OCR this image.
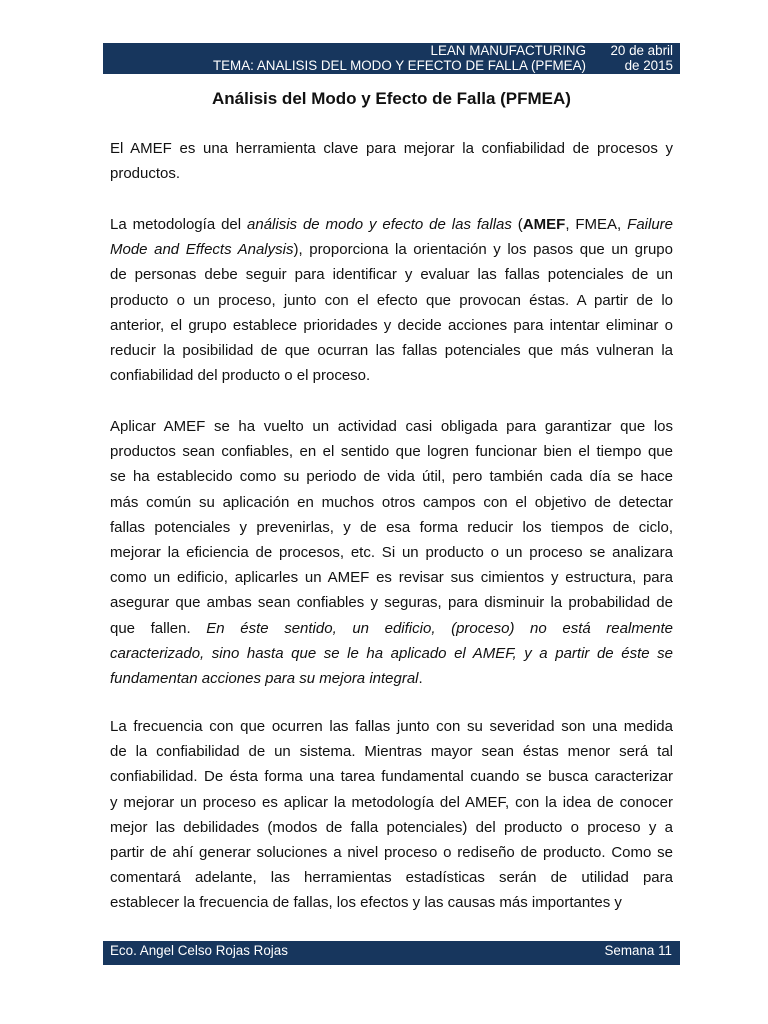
LEAN MANUFACTURING
TEMA: ANALISIS DEL MODO Y EFECTO DE FALLA (PFMEA)
20 de abril
de 2015
Análisis del Modo y Efecto de Falla (PFMEA)
El AMEF es una herramienta clave para mejorar la confiabilidad de procesos y
productos.
La metodología del análisis de modo y efecto de las fallas (AMEF, FMEA, Failure
Mode and Effects Analysis), proporciona la orientación y los pasos que un grupo
de personas debe seguir para identificar y evaluar las fallas potenciales de un
producto o un proceso, junto con el efecto que provocan éstas. A partir de lo
anterior, el grupo establece prioridades y decide acciones para intentar eliminar o
reducir la posibilidad de que ocurran las fallas potenciales que más vulneran la
confiabilidad del producto o el proceso.
Aplicar AMEF se ha vuelto un actividad casi obligada para garantizar que los
productos sean confiables, en el sentido que logren funcionar bien el tiempo que
se ha establecido como su periodo de vida útil, pero también cada día se hace
más común su aplicación en muchos otros campos con el objetivo de detectar
fallas potenciales y prevenirlas, y de esa forma reducir los tiempos de ciclo,
mejorar la eficiencia de procesos, etc. Si un producto o un proceso se analizara
como un edificio, aplicarles un AMEF es revisar sus cimientos y estructura, para
asegurar que ambas sean confiables y seguras, para disminuir la probabilidad de
que fallen. En éste sentido, un edificio, (proceso) no está realmente
caracterizado, sino hasta que se le ha aplicado el AMEF, y a partir de éste se
fundamentan acciones para su mejora integral.
La frecuencia con que ocurren las fallas junto con su severidad son una medida
de la confiabilidad de un sistema. Mientras mayor sean éstas menor será tal
confiabilidad. De ésta forma una tarea fundamental cuando se busca caracterizar
y mejorar un proceso es aplicar la metodología del AMEF, con la idea de conocer
mejor las debilidades (modos de falla potenciales) del producto o proceso y a
partir de ahí generar soluciones a nivel proceso o rediseño de producto. Como se
comentará adelante, las herramientas estadísticas serán de utilidad para
establecer la frecuencia de fallas, los efectos y las causas más importantes y
Eco. Angel Celso Rojas Rojas	Semana 11
